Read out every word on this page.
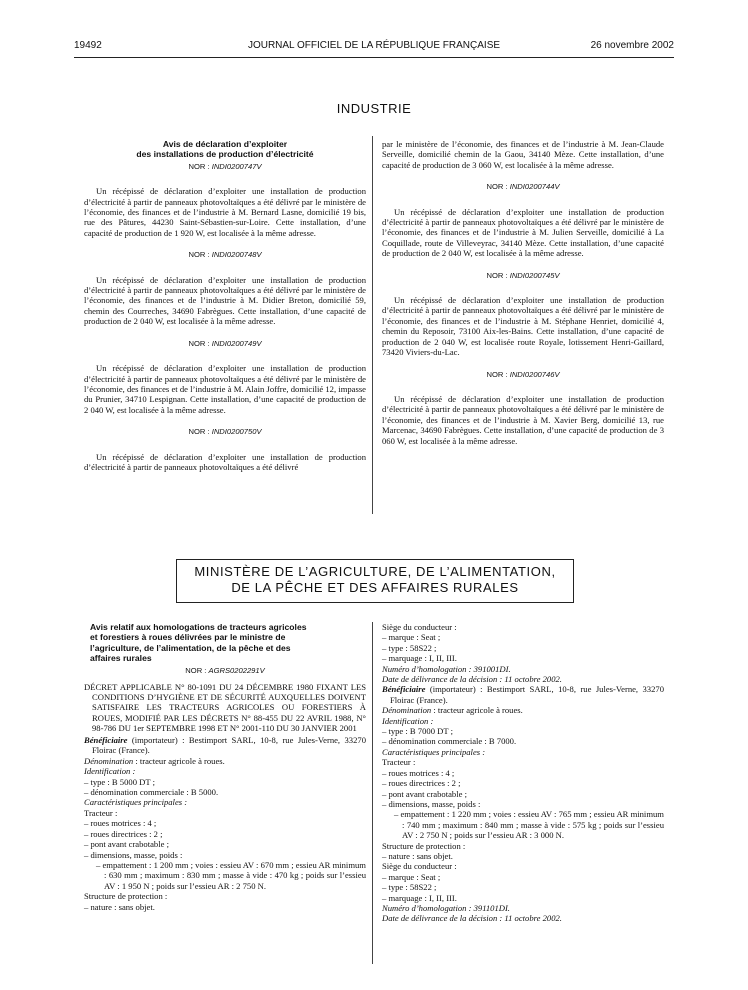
19492	JOURNAL OFFICIEL DE LA RÉPUBLIQUE FRANÇAISE	26 novembre 2002
INDUSTRIE
Avis de déclaration d’exploiter
des installations de production d’électricité
NOR : INDI0200747V

Un récépissé de déclaration d’exploiter une installation de production d’électricité à partir de panneaux photovoltaïques a été délivré par le ministère de l’économie, des finances et de l’industrie à M. Bernard Lasne, domicilié 19 bis, rue des Pâtures, 44230 Saint-Sébastien-sur-Loire. Cette installation, d’une capacité de production de 1 920 W, est localisée à la même adresse.

NOR : INDI0200748V

Un récépissé de déclaration d’exploiter une installation de production d’électricité à partir de panneaux photovoltaïques a été délivré par le ministère de l’économie, des finances et de l’industrie à M. Didier Breton, domicilié 59, chemin des Courreches, 34690 Fabrègues. Cette installation, d’une capacité de production de 2 040 W, est localisée à la même adresse.

NOR : INDI0200749V

Un récépissé de déclaration d’exploiter une installation de production d’électricité à partir de panneaux photovoltaïques a été délivré par le ministère de l’économie, des finances et de l’industrie à M. Alain Joffre, domicilié 12, impasse du Prunier, 34710 Lespignan. Cette installation, d’une capacité de production de 2 040 W, est localisée à la même adresse.

NOR : INDI0200750V

Un récépissé de déclaration d’exploiter une installation de production d’électricité à partir de panneaux photovoltaïques a été délivré

par le ministère de l’économie, des finances et de l’industrie à M. Jean-Claude Serveille, domicilié chemin de la Gaou, 34140 Mèze. Cette installation, d’une capacité de production de 3 060 W, est localisée à la même adresse.

NOR : INDI0200744V

Un récépissé de déclaration d’exploiter une installation de production d’électricité à partir de panneaux photovoltaïques a été délivré par le ministère de l’économie, des finances et de l’industrie à M. Julien Serveille, domicilié à La Coquillade, route de Villeveyrac, 34140 Mèze. Cette installation, d’une capacité de production de 2 040 W, est localisée à la même adresse.

NOR : INDI0200745V

Un récépissé de déclaration d’exploiter une installation de production d’électricité à partir de panneaux photovoltaïques a été délivré par le ministère de l’économie, des finances et de l’industrie à M. Stéphane Henriet, domicilié 4, chemin du Reposoir, 73100 Aix-les-Bains. Cette installation, d’une capacité de production de 2 040 W, est localisée route Royale, lotissement Henri-Gaillard, 73420 Viviers-du-Lac.

NOR : INDI0200746V

Un récépissé de déclaration d’exploiter une installation de production d’électricité à partir de panneaux photovoltaïques a été délivré par le ministère de l’économie, des finances et de l’industrie à M. Xavier Berg, domicilié 13, rue Marcenac, 34690 Fabrègues. Cette installation, d’une capacité de production de 3 060 W, est localisée à la même adresse.

MINISTÈRE DE L’AGRICULTURE, DE L’ALIMENTATION,
DE LA PÊCHE ET DES AFFAIRES RURALES
Avis relatif aux homologations de tracteurs agricoles
et forestiers à roues délivrées par le ministre de
l’agriculture, de l’alimentation, de la pêche et des
affaires rurales
NOR : AGRS0202291V

DÉCRET APPLICABLE N° 80-1091 DU 24 DÉCEMBRE 1980 FIXANT LES CONDITIONS D’HYGIÈNE ET DE SÉCURITÉ AUXQUELLES DOIVENT SATISFAIRE LES TRACTEURS AGRICOLES OU FORESTIERS À ROUES, MODIFIÉ PAR LES DÉCRETS N° 88-455 DU 22 AVRIL 1988, N° 98-786 DU 1er SEPTEMBRE 1998 ET N° 2001-110 DU 30 JANVIER 2001

Bénéficiaire (importateur) : Bestimport SARL, 10-8, rue Jules-Verne, 33270 Floirac (France).
Dénomination : tracteur agricole à roues.
Identification :
– type : B 5000 DT ;
– dénomination commerciale : B 5000.
Caractéristiques principales :
Tracteur :
– roues motrices : 4 ;
– roues directrices : 2 ;
– pont avant crabotable ;
– dimensions, masse, poids :
– empattement : 1 200 mm ; voies : essieu AV : 670 mm ; essieu AR minimum : 630 mm ; maximum : 830 mm ; masse à vide : 470 kg ; poids sur l’essieu AV : 1 950 N ; poids sur l’essieu AR : 2 750 N.
Structure de protection :
– nature : sans objet.
Siège du conducteur :
– marque : Seat ;
– type : 58S22 ;
– marquage : I, II, III.
Numéro d’homologation : 391001DI.
Date de délivrance de la décision : 11 octobre 2002.
Bénéficiaire (importateur) : Bestimport SARL, 10-8, rue Jules-Verne, 33270 Floirac (France).
Dénomination : tracteur agricole à roues.
Identification :
– type : B 7000 DT ;
– dénomination commerciale : B 7000.
Caractéristiques principales :
Tracteur :
– roues motrices : 4 ;
– roues directrices : 2 ;
– pont avant crabotable ;
– dimensions, masse, poids :
– empattement : 1 220 mm ; voies : essieu AV : 765 mm ; essieu AR minimum : 740 mm ; maximum : 840 mm ; masse à vide : 575 kg ; poids sur l’essieu AV : 2 750 N ; poids sur l’essieu AR : 3 000 N.
Structure de protection :
– nature : sans objet.
Siège du conducteur :
– marque : Seat ;
– type : 58S22 ;
– marquage : I, II, III.
Numéro d’homologation : 391101DI.
Date de délivrance de la décision : 11 octobre 2002.
